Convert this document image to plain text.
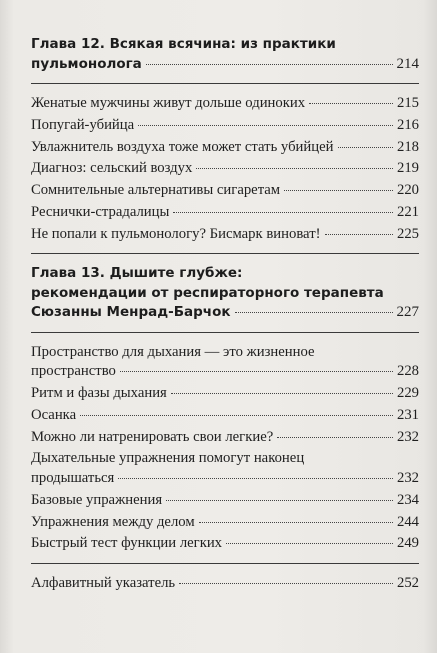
Глава 12. Всякая всячина: из практики
пульмонолога	214
Женатые мужчины живут дольше одиноких	215
Попугай-убийца	216
Увлажнитель воздуха тоже может стать убийцей	218
Диагноз: сельский воздух	219
Сомнительные альтернативы сигаретам	220
Реснички-страдалицы	221
Не попали к пульмонологу? Бисмарк виноват!	225
Глава 13. Дышите глубже:
рекомендации от респираторного терапевта
Сюзанны Менрад-Барчок	227
Пространство для дыхания — это жизненное
пространство	228
Ритм и фазы дыхания	229
Осанка	231
Можно ли натренировать свои легкие?	232
Дыхательные упражнения помогут наконец
продышаться	232
Базовые упражнения	234
Упражнения между делом	244
Быстрый тест функции легких	249
Алфавитный указатель	252
